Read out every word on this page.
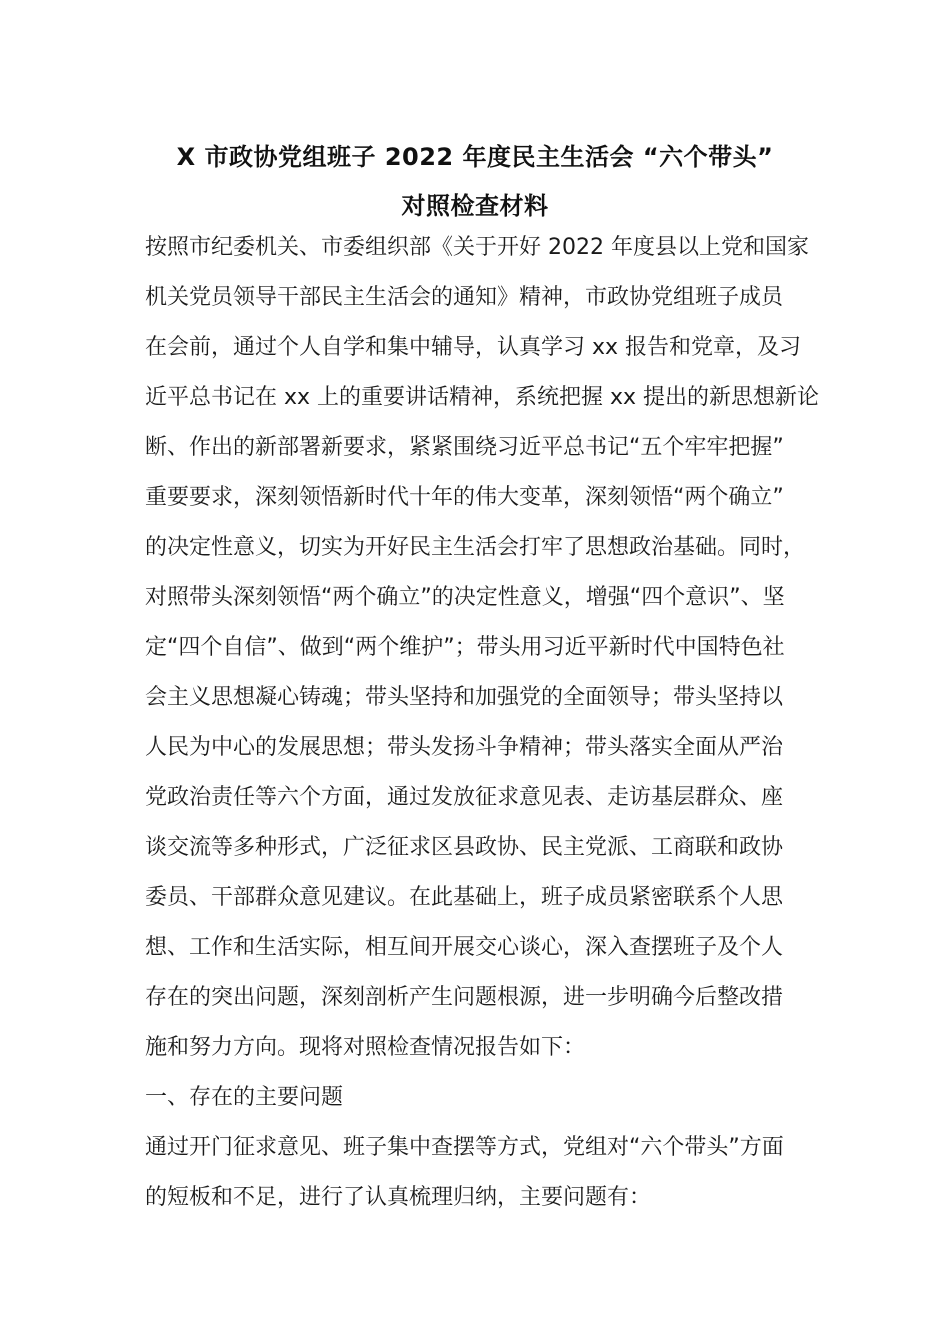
X 市政协党组班子 2022 年度民主生活会 “六个带头”
对照检查材料
按照市纪委机关、市委组织部《关于开好 2022 年度县以上党和国家
机关党员领导干部民主生活会的通知》精神，市政协党组班子成员
在会前，通过个人自学和集中辅导，认真学习 xx 报告和党章，及习
近平总书记在 xx 上的重要讲话精神，系统把握 xx 提出的新思想新论
断、作出的新部署新要求，紧紧围绕习近平总书记“五个牢牢把握”
重要要求，深刻领悟新时代十年的伟大变革，深刻领悟“两个确立”
的决定性意义，切实为开好民主生活会打牢了思想政治基础。同时，
对照带头深刻领悟“两个确立”的决定性意义，增强“四个意识”、坚
定“四个自信”、做到“两个维护”；带头用习近平新时代中国特色社
会主义思想凝心铸魂；带头坚持和加强党的全面领导；带头坚持以
人民为中心的发展思想；带头发扬斗争精神；带头落实全面从严治
党政治责任等六个方面，通过发放征求意见表、走访基层群众、座
谈交流等多种形式，广泛征求区县政协、民主党派、工商联和政协
委员、干部群众意见建议。在此基础上，班子成员紧密联系个人思
想、工作和生活实际，相互间开展交心谈心，深入查摆班子及个人
存在的突出问题，深刻剖析产生问题根源，进一步明确今后整改措
施和努力方向。现将对照检查情况报告如下：
一、存在的主要问题
通过开门征求意见、班子集中查摆等方式，党组对“六个带头”方面
的短板和不足，进行了认真梳理归纳，主要问题有：
